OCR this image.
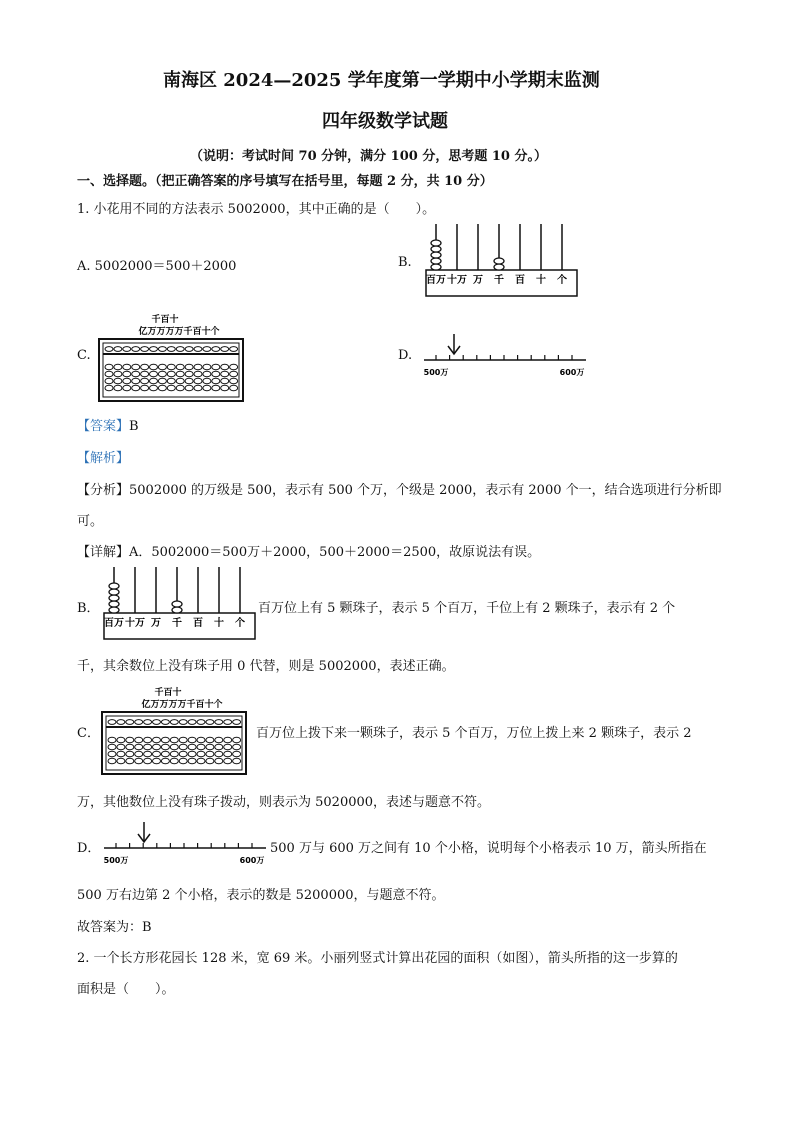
南海区 2024—2025 学年度第一学期中小学期末监测
四年级数学试题
（说明：考试时间 70 分钟，满分 100 分，思考题 10 分。）
一、选择题。（把正确答案的序号填写在括号里，每题 2 分，共 10 分）
1. 小花用不同的方法表示 5002000，其中正确的是（　　）。
A. 5002000＝500＋2000	B.
百万 十万 万 千 百 十 个
C.
千百十
亿万万万万千百十个
D.
500万	600万
【答案】B
【解析】
【分析】5002000 的万级是 500，表示有 500 个万，个级是 2000，表示有 2000 个一，结合选项进行分析即
可。
【详解】A．5002000＝500万＋2000，500＋2000＝2500，故原说法有误。
B．
百万 十万 万 千 百 十 个
百万位上有 5 颗珠子，表示 5 个百万，千位上有 2 颗珠子，表示有 2 个
千，其余数位上没有珠子用 0 代替，则是 5002000，表述正确。
C．
千百十
亿万万万万千百十个
百万位上拨下来一颗珠子，表示 5 个百万，万位上拨上来 2 颗珠子，表示 2
万，其他数位上没有珠子拨动，则表示为 5020000，表述与题意不符。
D．
500万	600万
500 万与 600 万之间有 10 个小格，说明每个小格表示 10 万，箭头所指在
500 万右边第 2 个小格，表示的数是 5200000，与题意不符。
故答案为：B
2. 一个长方形花园长 128 米，宽 69 米。小丽列竖式计算出花园的面积（如图），箭头所指的这一步算的
面积是（　　）。
